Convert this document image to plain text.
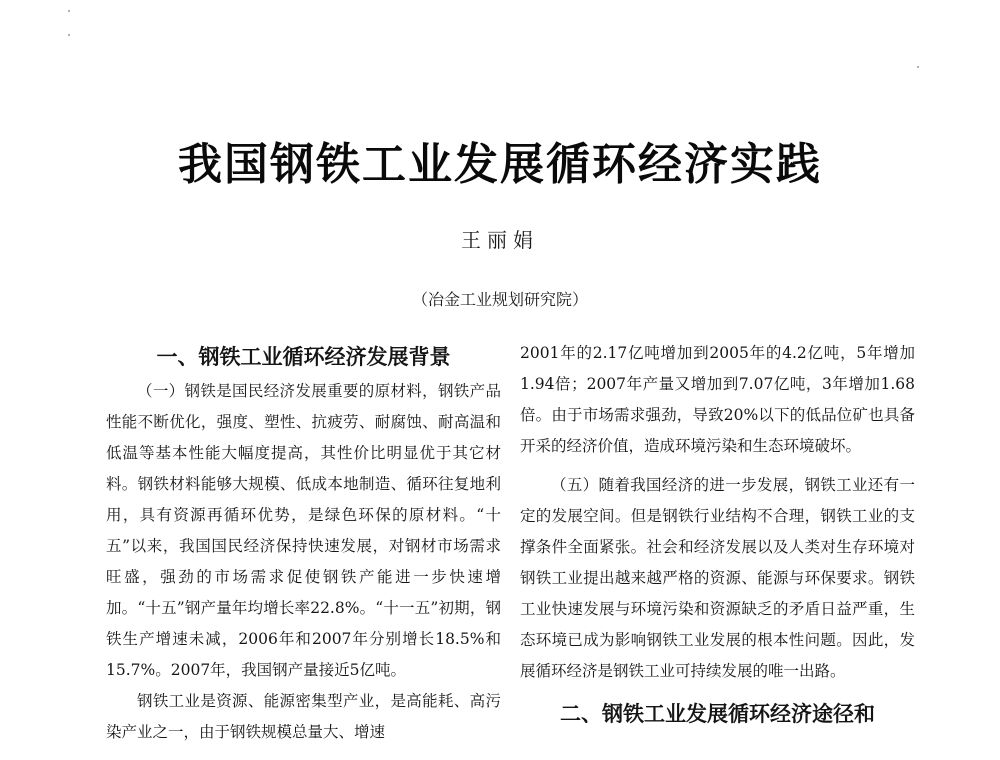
我国钢铁工业发展循环经济实践
王丽娟
（冶金工业规划研究院）

一、钢铁工业循环经济发展背景

（一）钢铁是国民经济发展重要的原材料，钢铁产品性能不断优化，强度、塑性、抗疲劳、耐腐蚀、耐高温和低温等基本性能大幅度提高，其性价比明显优于其它材料。钢铁材料能够大规模、低成本地制造、循环往复地利用，具有资源再循环优势，是绿色环保的原材料。“十五”以来，我国国民经济保持快速发展，对钢材市场需求旺盛，强劲的市场需求促使钢铁产能进一步快速增加。“十五”钢产量年均增长率22.8%。“十一五”初期，钢铁生产增速未减，2006年和2007年分别增长18.5%和15.7%。2007年，我国钢产量接近5亿吨。

钢铁工业是资源、能源密集型产业，是高能耗、高污染产业之一，由于钢铁规模总量大、增速

2001年的2.17亿吨增加到2005年的4.2亿吨，5年增加1.94倍；2007年产量又增加到7.07亿吨，3年增加1.68倍。由于市场需求强劲，导致20%以下的低品位矿也具备开采的经济价值，造成环境污染和生态环境破坏。

（五）随着我国经济的进一步发展，钢铁工业还有一定的发展空间。但是钢铁行业结构不合理，钢铁工业的支撑条件全面紧张。社会和经济发展以及人类对生存环境对钢铁工业提出越来越严格的资源、能源与环保要求。钢铁工业快速发展与环境污染和资源缺乏的矛盾日益严重，生态环境已成为影响钢铁工业发展的根本性问题。因此，发展循环经济是钢铁工业可持续发展的唯一出路。

二、钢铁工业发展循环经济途径和
